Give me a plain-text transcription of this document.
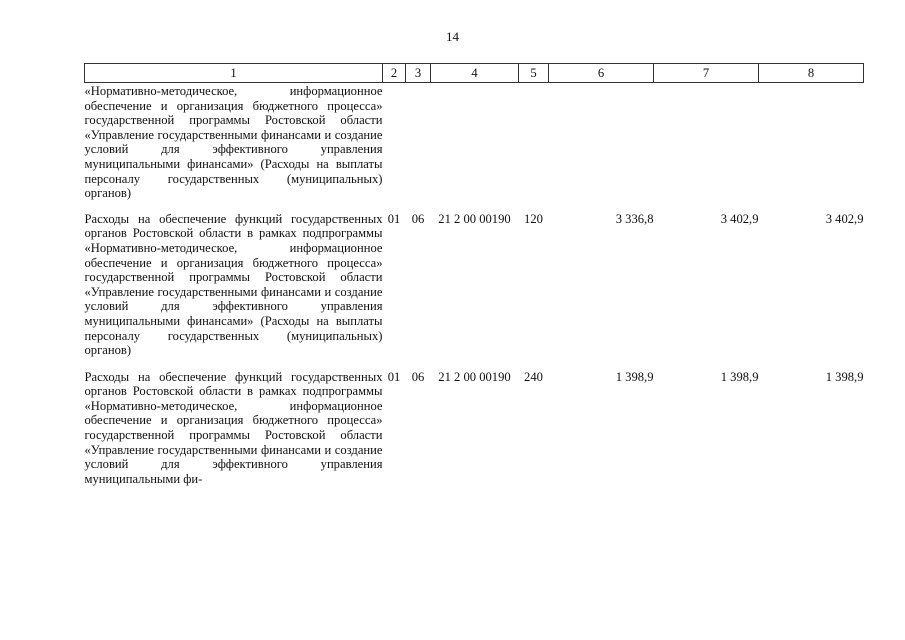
14
1	2	3	4	5	6	7	8
«Нормативно-методическоe, информационное обеспечение и организация бюджетного процесса» государственной программы Ростовской области «Управление государственными финансами и создание условий для эффективного управления муниципальными финансами» (Расходы на выплаты персоналу государственных (муниципальных) органов)							
Расходы на обеспечение функций государственных органов Ростовской области в рамках подпрограммы «Нормативно-методическое, информационное обеспечение и организация бюджетного процесса» государственной программы Ростовской области «Управление государственными финансами и создание условий для эффективного управления муниципальными финансами» (Расходы на выплаты персоналу государственных (муниципальных) органов)	01	06	21 2 00 00190	120	3 336,8	3 402,9	3 402,9
Расходы на обеспечение функций государственных органов Ростовской области в рамках подпрограммы «Нормативно-методическое, информационное обеспечение и организация бюджетного процесса» государственной программы Ростовской области «Управление государственными финансами и создание условий для эффективного управления муниципальными фи-	01	06	21 2 00 00190	240	1 398,9	1 398,9	1 398,9
